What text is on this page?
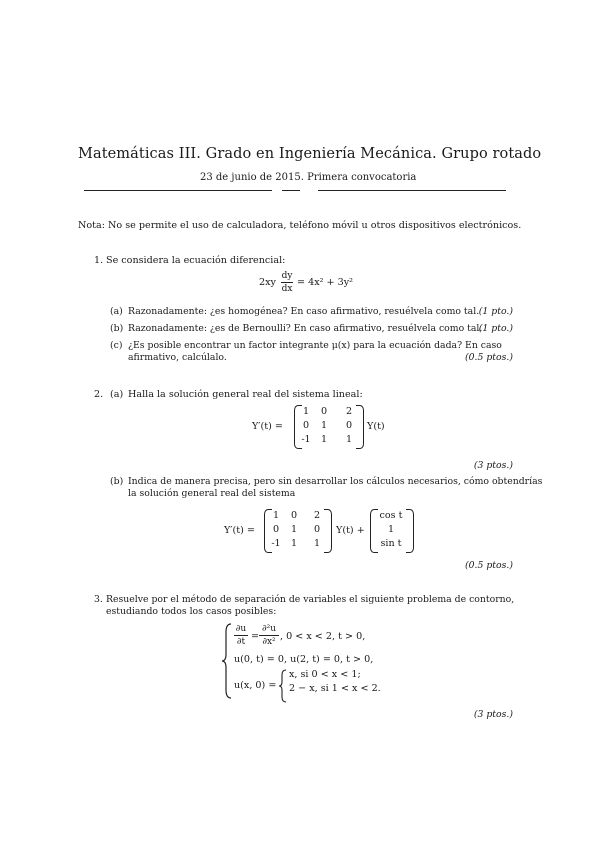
Matemáticas III. Grado en Ingeniería Mecánica. Grupo rotado
23 de junio de 2015. Primera convocatoria
Nota: No se permite el uso de calculadora, teléfono móvil u otros dispositivos electrónicos.
1. Se considera la ecuación diferencial:
2xy
dy
dx
= 4x² + 3y²
(a) Razonadamente: ¿es homogénea? En caso afirmativo, resuélvela como tal. (1 pto.)
(b) Razonadamente: ¿es de Bernoulli? En caso afirmativo, resuélvela como tal.
(1 pto.)
(c) ¿Es posible encontrar un factor integrante μ(x) para la ecuación dada? En caso
afirmativo, calcúlalo.	(0.5 ptos.)
2. (a) Halla la solución general real del sistema lineal:
Y′(t) =
1	0	2
0	1	0
-1	1	1
Y(t)
(3 ptos.)
(b) Indica de manera precisa, pero sin desarrollar los cálculos necesarios, cómo obtendrías
la solución general real del sistema
Y′(t) =
1	0	2
0	1	0
-1	1	1
Y(t) +
cos t
1
sin t
(0.5 ptos.)
3. Resuelve por el método de separación de variables el siguiente problema de contorno,
estudiando todos los casos posibles:
∂u
∂t =
∂²u
∂x² , 0 < x < 2, t > 0,
u(0, t) = 0, u(2, t) = 0, t > 0,
u(x, 0) =
x, si 0 < x < 1;
2 − x, si 1 < x < 2.
(3 ptos.)
